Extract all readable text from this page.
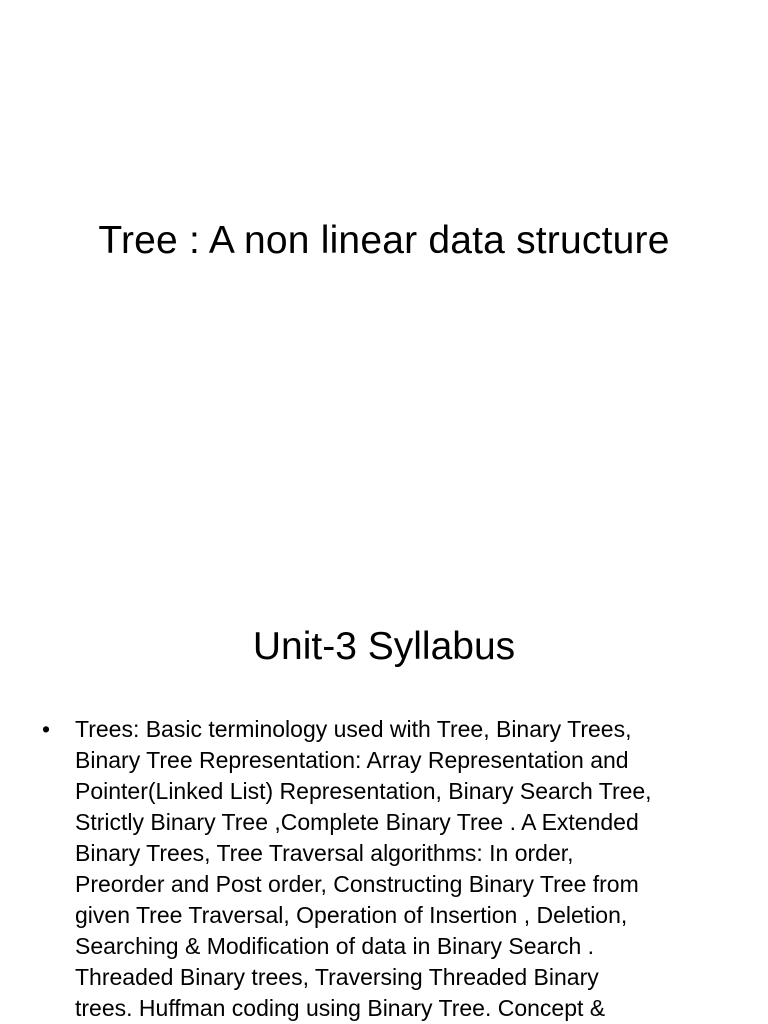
Tree : A non linear data structure
Unit-3 Syllabus
• Trees: Basic terminology used with Tree, Binary Trees,
Binary Tree Representation: Array Representation and
Pointer(Linked List) Representation, Binary Search Tree,
Strictly Binary Tree ,Complete Binary Tree . A Extended
Binary Trees, Tree Traversal algorithms: In order,
Preorder and Post order, Constructing Binary Tree from
given Tree Traversal, Operation of Insertion , Deletion,
Searching & Modification of data in Binary Search .
Threaded Binary trees, Traversing Threaded Binary
trees. Huffman coding using Binary Tree. Concept &
